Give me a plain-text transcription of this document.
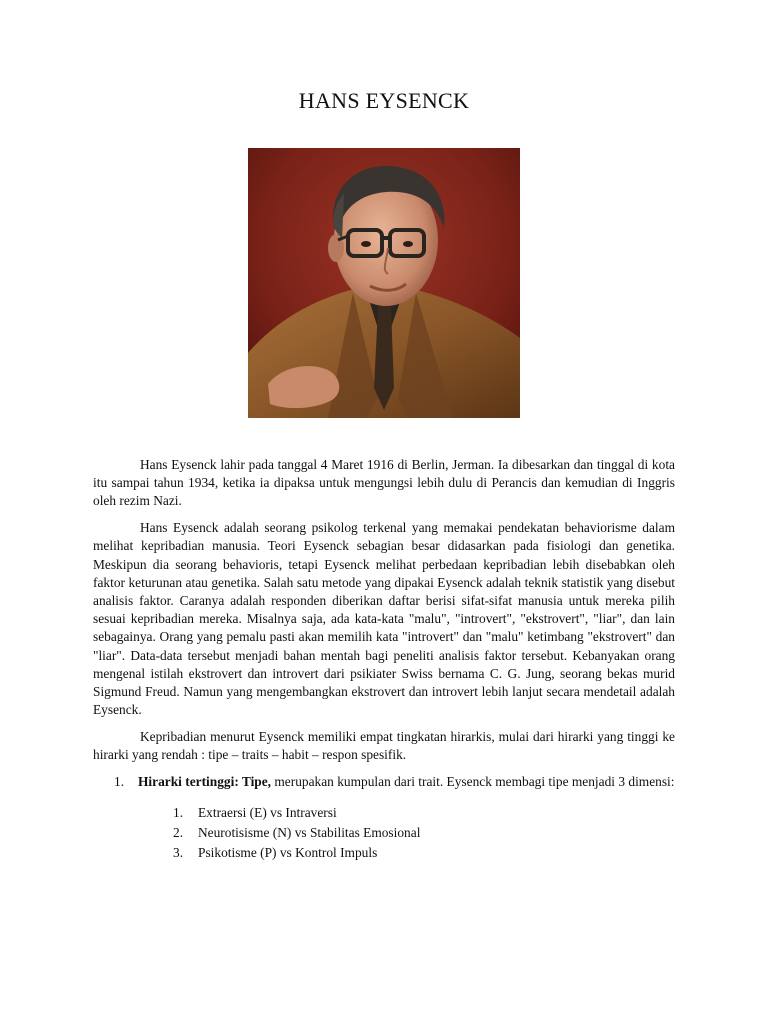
HANS EYSENCK

Hans Eysenck lahir pada tanggal 4 Maret 1916 di Berlin, Jerman. Ia dibesarkan dan tinggal di kota itu sampai tahun 1934, ketika ia dipaksa untuk mengungsi lebih dulu di Perancis dan kemudian di Inggris oleh rezim Nazi.

Hans Eysenck adalah seorang psikolog terkenal yang memakai pendekatan behaviorisme dalam melihat kepribadian manusia. Teori Eysenck sebagian besar didasarkan pada fisiologi dan genetika. Meskipun dia seorang behavioris, tetapi Eysenck melihat perbedaan kepribadian lebih disebabkan oleh faktor keturunan atau genetika. Salah satu metode yang dipakai Eysenck adalah teknik statistik yang disebut analisis faktor. Caranya adalah responden diberikan daftar berisi sifat-sifat manusia untuk mereka pilih sesuai kepribadian mereka. Misalnya saja, ada kata-kata "malu", "introvert", "ekstrovert", "liar", dan lain sebagainya. Orang yang pemalu pasti akan memilih kata "introvert" dan "malu" ketimbang "ekstrovert" dan "liar". Data-data tersebut menjadi bahan mentah bagi peneliti analisis faktor tersebut. Kebanyakan orang mengenal istilah ekstrovert dan introvert dari psikiater Swiss bernama C. G. Jung, seorang bekas murid Sigmund Freud. Namun yang mengembangkan ekstrovert dan introvert lebih lanjut secara mendetail adalah Eysenck.

Kepribadian menurut Eysenck memiliki empat tingkatan hirarkis, mulai dari hirarki yang tinggi ke hirarki yang rendah : tipe – traits – habit – respon spesifik.

1. Hirarki tertinggi: Tipe, merupakan kumpulan dari trait. Eysenck membagi tipe menjadi 3 dimensi:
1. Extraersi (E) vs Intraversi
2. Neurotisisme (N) vs Stabilitas Emosional
3. Psikotisme (P) vs Kontrol Impuls
